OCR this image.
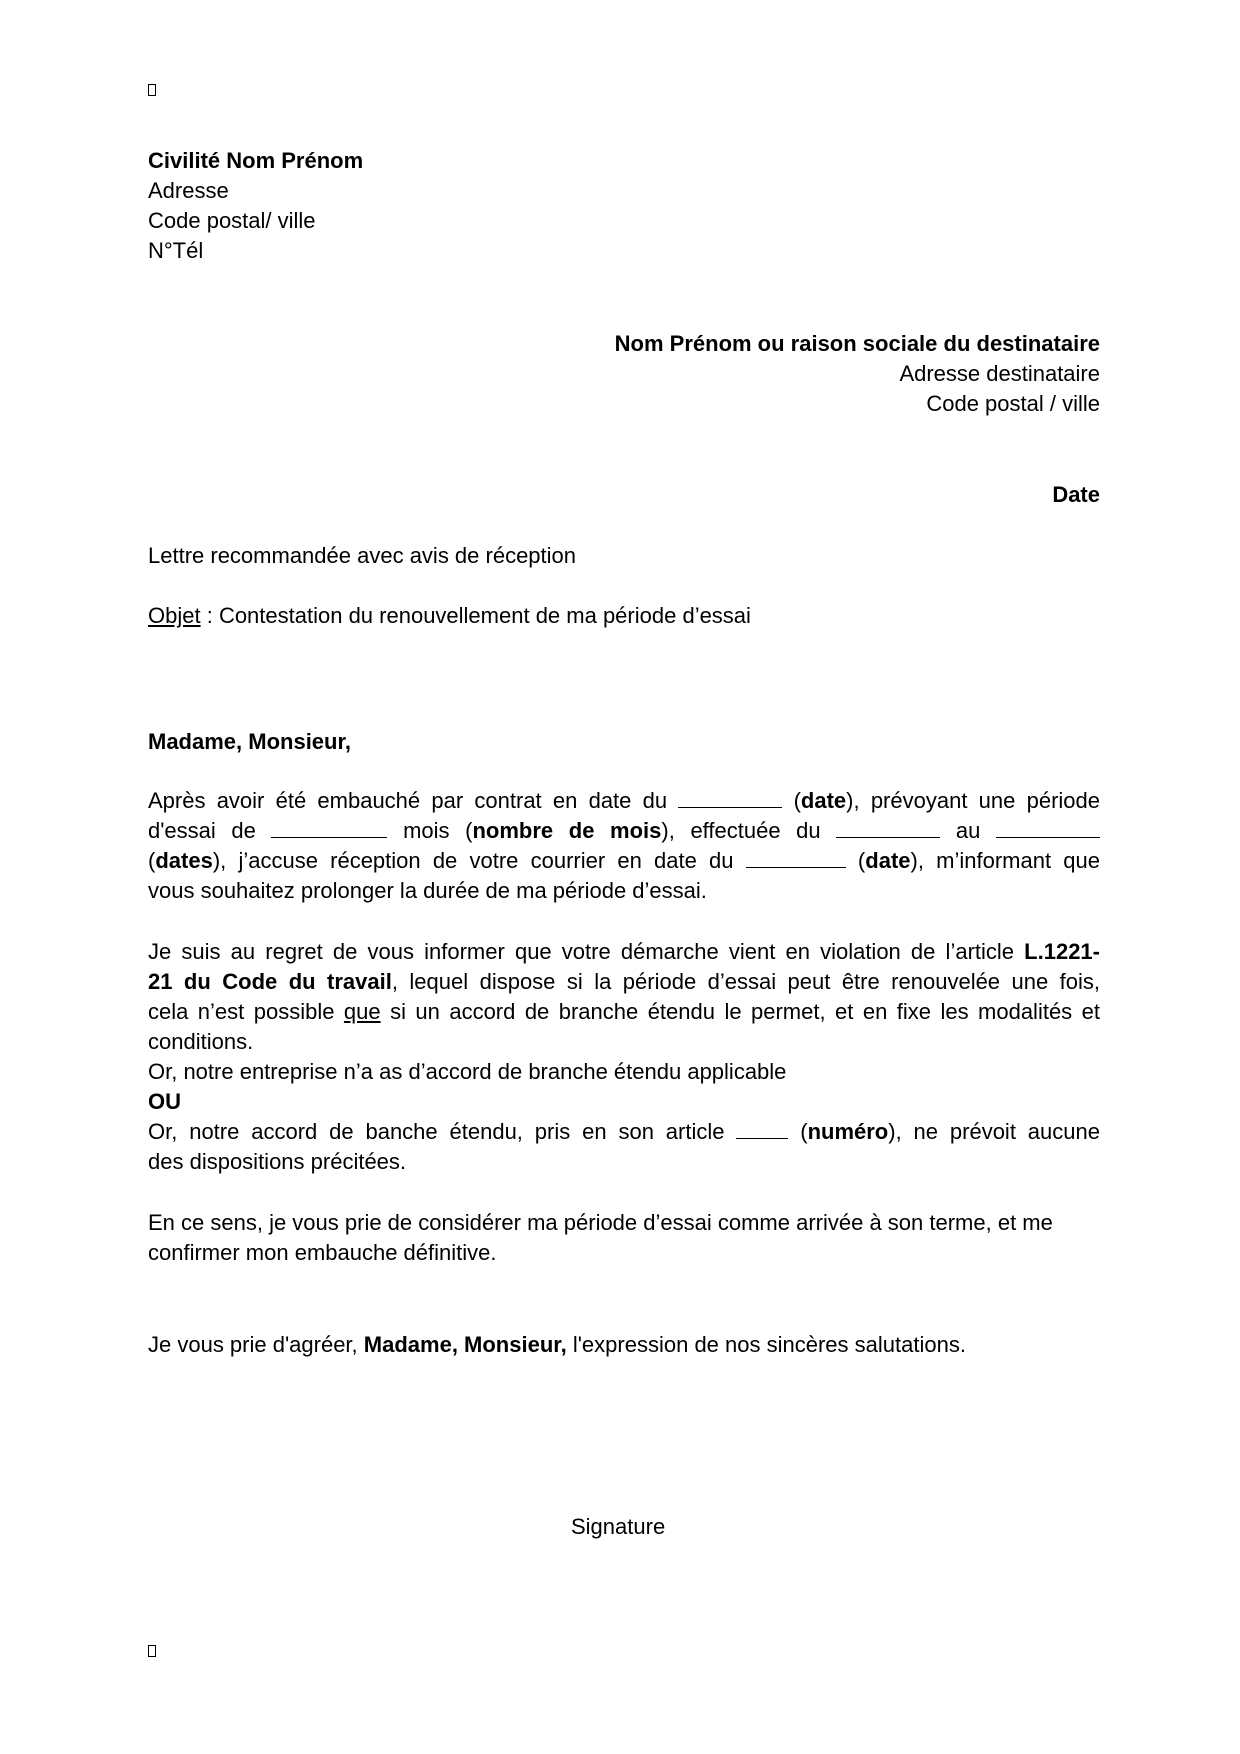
Civilité Nom Prénom
Adresse
Code postal/ ville
N°Tél
Nom Prénom ou raison sociale du destinataire
Adresse destinataire
Code postal / ville
Date
Lettre recommandée avec avis de réception
Objet : Contestation du renouvellement de ma période d’essai
Madame, Monsieur,
Après avoir été embauché par contrat en date du	(date), prévoyant une période
d'essai de	mois (nombre de mois), effectuée du	au
(dates), j’accuse réception de votre courrier en date du	(date), m’informant que
vous souhaitez prolonger la durée de ma période d’essai.
Je suis au regret de vous informer que votre démarche vient en violation de l’article L.1221-
21 du Code du travail, lequel dispose si la période d’essai peut être renouvelée une fois,
cela n’est possible que si un accord de branche étendu le permet, et en fixe les modalités et
conditions.
Or, notre entreprise n’a as d’accord de branche étendu applicable
OU
Or, notre accord de banche étendu, pris en son article  (numéro), ne prévoit aucune
des dispositions précitées.
En ce sens, je vous prie de considérer ma période d’essai comme arrivée à son terme, et me
confirmer mon embauche définitive.
Je vous prie d'agréer, Madame, Monsieur, l'expression de nos sincères salutations.
Signature
